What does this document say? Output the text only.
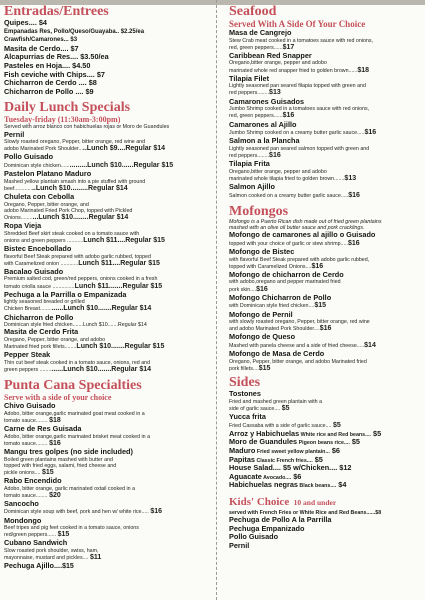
Entradas/Entrees
Quipes.... $4
Empanadas Res, Pollo/Queso/Guayaba.. $2.25/ea Crawfish/Camarones... $3
Masita de Cerdo.... $7
Alcapurrias de Res.... $3.50/ea
Pasteles en Hoja.... $4.50
Fish ceviche with Chips.... $7
Chicharron de Cerdo .... $8
Chicharron de Pollo .... $9
Daily Lunch Specials
Tuesday-friday (11:30am-3:00pm)
Served with arroz blanco con habichuelas rojas or Moro de Guandules
Pernil
Slowly roasted oregano, Pepper, bitter orange, red wine and
adobo Marinated Pork Shoulder.....Lunch $9....Regular $14
Pollo Guisado
Dominican style chicken...............Lunch $10......Regular $15
Pastelon Platano Maduro
Mashed yellow plantain smash into a pie stuffed with ground
beef..............Lunch $10.........Regular $14
Chuleta con Cebolla
Oregano, Pepper, bitter orange, and
adobo Marinated Fried Pork Chop, topped with Pickled
Onions...........Lunch $10........Regular $14
Ropa Vieja
Shredded Beef skirt steak cooked on a tomato sauce with
onions and green peppers ...........Lunch $11....Regular $15
Bistec Encebollado
flavorful Beef Steak prepared with adobo garlic rubbed, topped
with Caramelized onion ............Lunch $11....Regular $15
Bacalao Guisado
Premium salted cod, green/red peppers, onions cooked in a fresh
tomato criolla sauce ...............Lunch $11.......Regular $15
Pechuga a la Parrilla o Empanizada
lightly seasoned breaded or grilled
Chicken Breast..............Lunch $10.......Regular $14
Chicharron de Pollo
Dominican style fried chicken.......Lunch $10.......Regular $14
Masita de Cerdo Frita
Oregano, Pepper, bitter orange, and adobo
Marinated fried pork fillets........Lunch $10.......Regular $15
Pepper Steak
Thin cut beef steak cooked in a tomato sauce, onions, red and
green peppers ..............Lunch $10.......Regular $14
Punta Cana Specialties
Serve with a side of your choice
Chivo Guisado
Adobo, bitter orange,garlic marinated goat meat cooked in a
tomato sauce........ $18
Carne de Res Guisada
Adobo, bitter orange,garlic marinated brisket meat cooked in a
tomato sauce........ $16
Mangu tres golpes (no side included)
Boiled green plantains mashed with butter and
topped with fried eggs, salami, fried cheese and
pickle onions.... $15
Rabo Encendido
Adobo, bitter orange, garlic marinated oxtail cooked in a
tomato sauce........ $20
Sancocho
Dominican style soup with beef, pork and hen w/ white rice..... $16
Mondongo
Beef tripes and pig feet cooked in a tomato sauce, onions
red/green peppers...... $15
Cubano Sandwich
Slow roasted pork shoulder, swiss, ham,
mayonnaise, mustard and pickles.... $11
Pechuga Ajillo....$15
Seafood
Served With A Side Of Your Choice
Masa de Cangrejo
Stew Crab meat cooked in a tomatoes sauce with red onions,
red, green peppers......$17
Caribbean Red Snapper
Oregano,bitter orange, pepper and adobo
marinated whole red snapper fried to golden brown......$18
Tilapia Filet
Lightly seasoned pan seared filapia topped with green and
red peppers........$13
Camarones Guisados
Jumbo Shrimp cooked in a tomatoes sauce with red onions,
red, green peppers......$16
Camarones al Ajillo
Jumbo Shrimp cooked on a creamy butter garlic sauce.....$16
Salmon a la Plancha
Lightly seasoned pan seared salmon topped with green and
red peppers........$16
Tilapia Frita
Oregano,bitter orange, pepper and adobo
marinated whole tilapia fried to golden brown.......$13
Salmon Ajillo
Salmon cooked on a creamy butter garlic sauce.....$16
Mofongos
Mofongo is a Puerto Rican dish made out of fried green plantains
mashed with an olive oil butter sauce and pork cracklings.
Mofongo de camarones al ajillo o Guisado
topped with your choice of garlic or stew shrimp.....$16
Mofongo de Bistec
with flavorful Beef Steak prepared with adobo garlic rubbed,
topped with Caramelized Onions....$16
Mofongo de chicharron de Cerdo
with adobo,oregano and pepper marinated fried
pork skin....$16
Mofongo Chicharron de Pollo
with Dominican style fried chicken....$15
Mofongo de Pernil
with slowly roasted oregano, Pepper, bitter orange, red wine
and adobo Marinated Pork Shoulder....$16
Mofongo de Queso
Mashed with panela cheese and a side of fried cheese.....$14
Mofongo de Masa de Cerdo
Oregano, Pepper, bitter orange, and adobo Marinated fried
pork fillets....$15
Sides
Tostones
Fried and mashed green plantain with a
side of garlic sauce.... $5
Yucca frita
Fried Cassaba with a side of garlic sauce.... $5
Arroz y Habichuelas White rice and Red beans.... $5
Moro de Guandules Pigeon beans rice.... $5
Maduro Fried sweet yellow plantain... $6
Papitas Classic French fries.... $5
House Salad.... $5 w/Chicken.... $12
Aguacate Avocado.... $6
Habichuelas negras Black beans.... $4
Kids' Choice 10 and under
served with French Fries or White Rice and Red Beans......$8
Pechuga de Pollo A la Parrilla
Pechuga Empanizado
Pollo Guisado
Pernil
